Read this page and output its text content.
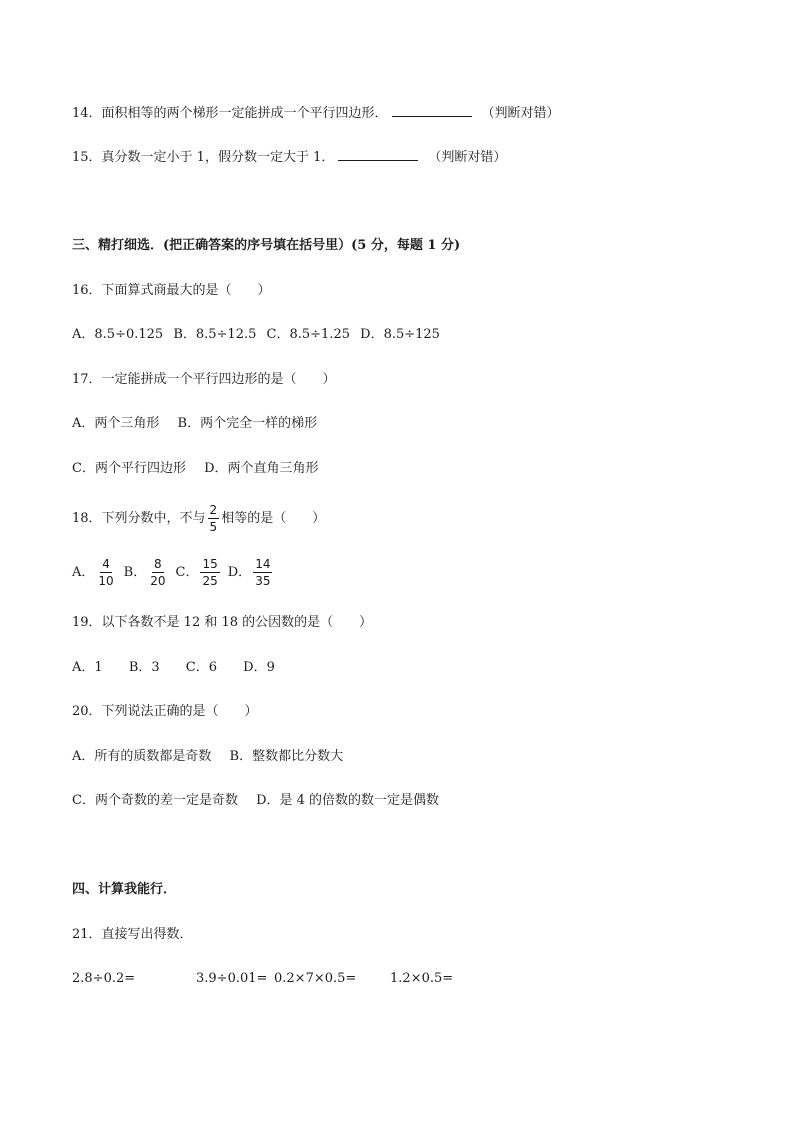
14．面积相等的两个梯形一定能拼成一个平行四边形．	（判断对错）
15．真分数一定小于 1，假分数一定大于 1．	（判断对错）
三、精打细选．(把正确答案的序号填在括号里）(5 分，每题 1 分)
16．下面算式商最大的是（　　）
A．8.5÷0.125 B．8.5÷12.5 C．8.5÷1.25 D．8.5÷125
17．一定能拼成一个平行四边形的是（　　）
A．两个三角形 B．两个完全一样的梯形
C．两个平行四边形 D．两个直角三角形
18．下列分数中，不与 $\frac{2}{5}$ 相等的是（　　）
A． $\frac{4}{10}$ B． $\frac{8}{20}$ C． $\frac{15}{25}$ D． $\frac{14}{35}$
19．以下各数不是 12 和 18 的公因数的是（　　）
A．1 B．3 C．6 D．9
20．下列说法正确的是（　　）
A．所有的质数都是奇数 B．整数都比分数大
C．两个奇数的差一定是奇数 D．是 4 的倍数的数一定是偶数
四、计算我能行．
21．直接写出得数．
2.8÷0.2=	3.9÷0.01= 0.2×7×0.5=	1.2×0.5=
